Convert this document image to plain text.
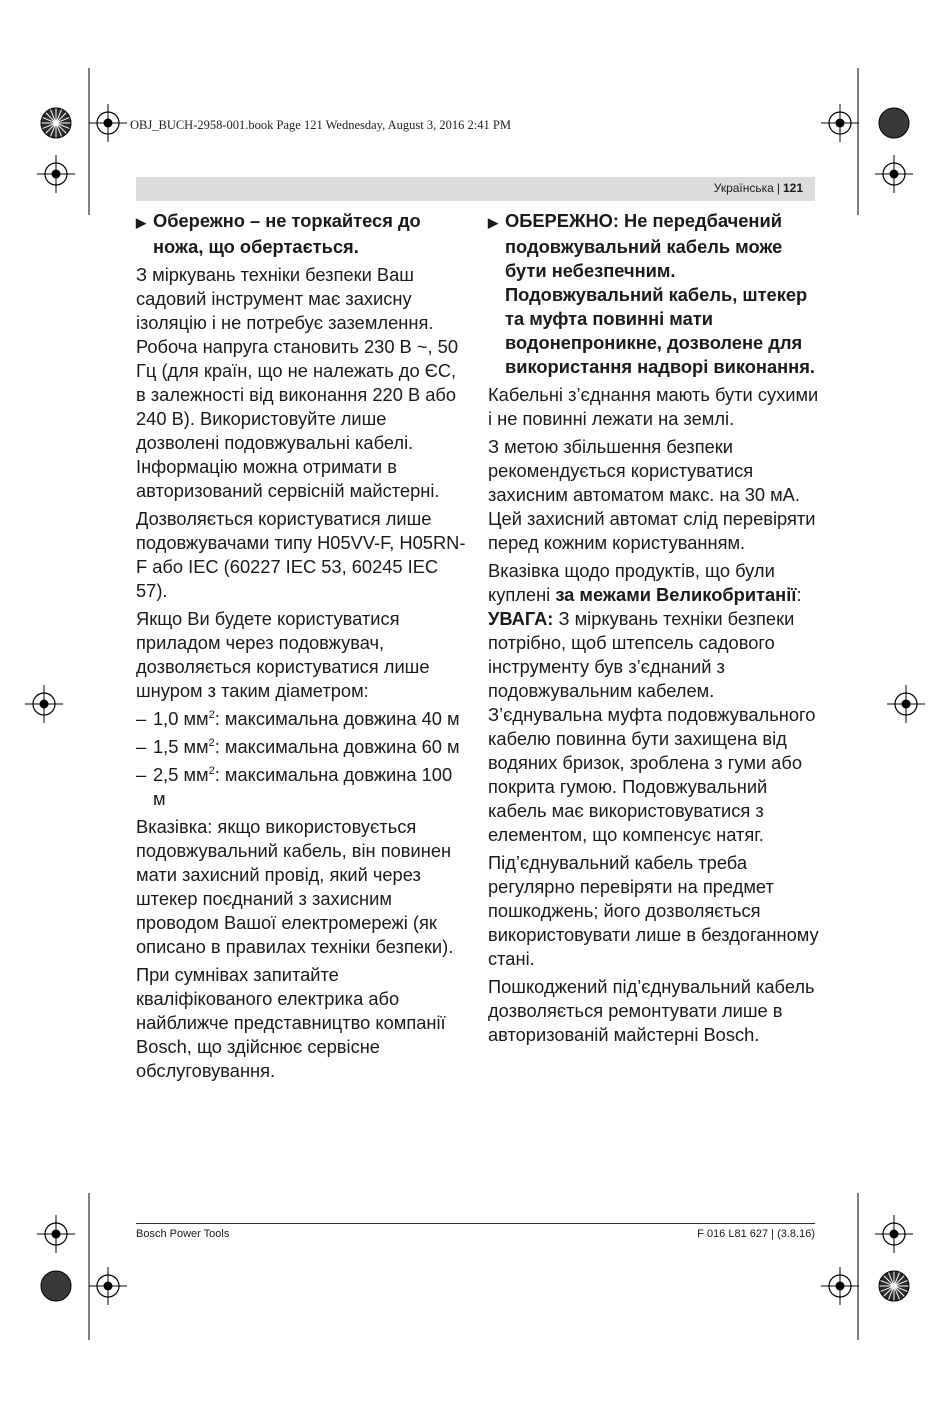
OBJ_BUCH-2958-001.book Page 121 Wednesday, August 3, 2016 2:41 PM
Українська | 121

▶ Обережно – не торкайтеся до ножа, що обертається.

З міркувань техніки безпеки Ваш садовий інструмент має захисну ізоляцію і не потребує заземлення. Робоча напруга становить 230 В ~, 50 Гц (для країн, що не належать до ЄС, в залежності від виконання 220 В або 240 В). Використовуйте лише дозволені подовжувальні кабелі. Інформацію можна отримати в авторизований сервісній майстерні.

Дозволяється користуватися лише подовжувачами типу H05VV-F, H05RN-F або IEC (60227 IEC 53, 60245 IEC 57).

Якщо Ви будете користуватися приладом через подовжувач, дозволяється користуватися лише шнуром з таким діаметром:

– 1,0 $мм^2$: максимальна довжина 40 м
– 1,5 $мм^2$: максимальна довжина 60 м
– 2,5 $мм^2$: максимальна довжина 100 м

Вказівка: якщо використовується подовжувальний кабель, він повинен мати захисний провід, який через штекер поєднаний з захисним проводом Вашої електромережі (як описано в правилах техніки безпеки).

При сумнівах запитайте кваліфікованого електрика або найближче представництво компанії Bosch, що здійснює сервісне обслуговування.

▶ ОБЕРЕЖНО: Не передбачений подовжувальний кабель може бути небезпечним. Подовжувальний кабель, штекер та муфта повинні мати водонепроникне, дозволене для використання надворі виконання.

Кабельні з’єднання мають бути сухими і не повинні лежати на землі.

З метою збільшення безпеки рекомендується користуватися захисним автоматом макс. на 30 мА. Цей захисний автомат слід перевіряти перед кожним користуванням.

Вказівка щодо продуктів, що були куплені за межами Великобританії:
УВАГА: З міркувань техніки безпеки потрібно, щоб штепсель садового інструменту був з’єднаний з подовжувальним кабелем. З’єднувальна муфта подовжувального кабелю повинна бути захищена від водяних бризок, зроблена з гуми або покрита гумою. Подовжувальний кабель має використовуватися з елементом, що компенсує натяг.

Під’єднувальний кабель треба регулярно перевіряти на предмет пошкоджень; його дозволяється використовувати лише в бездоганному стані.

Пошкоджений під’єднувальний кабель дозволяється ремонтувати лише в авторизованій майстерні Bosch.

Bosch Power Tools	F 016 L81 627 | (3.8.16)
